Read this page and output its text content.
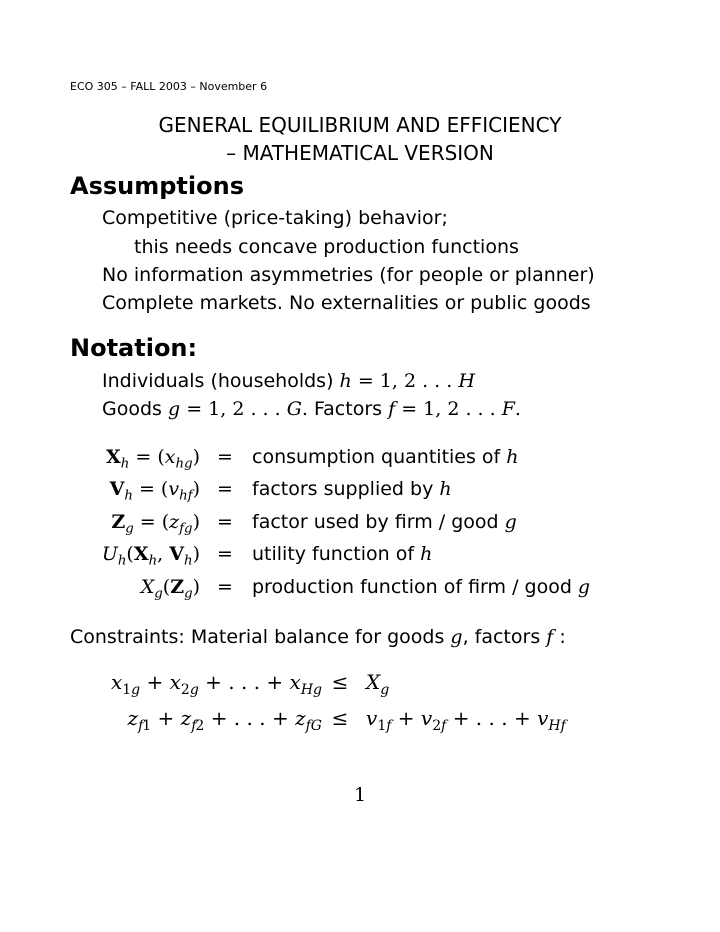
ECO 305 – FALL 2003 – November 6
GENERAL EQUILIBRIUM AND EFFICIENCY
– MATHEMATICAL VERSION
Assumptions
Competitive (price-taking) behavior;
this needs concave production functions
No information asymmetries (for people or planner)
Complete markets. No externalities or public goods
Notation:
Individuals (households) h = 1, 2 . . . H
Goods g = 1, 2 . . . G. Factors f = 1, 2 . . . F.
$X_h = (x_{hg})$ = consumption quantities of h
$V_h = (v_{hf})$ = factors supplied by h
$Z_g = (z_{fg})$ = factor used by firm / good g
$U_h(X_h$, $V_h$) = utility function of h
$X_g(Z_g)$ = production function of firm / good g
Constraints: Material balance for goods g, factors f :
$x_{1g} + x_{2g}$ + . . . + $x_{Hg} \le X_g$
$z_{f1} + z_{f2}$ + . . . + $z_{fG} \le v_{1f} + v_{2f}$ + . . . + $v_{Hf}$
1
